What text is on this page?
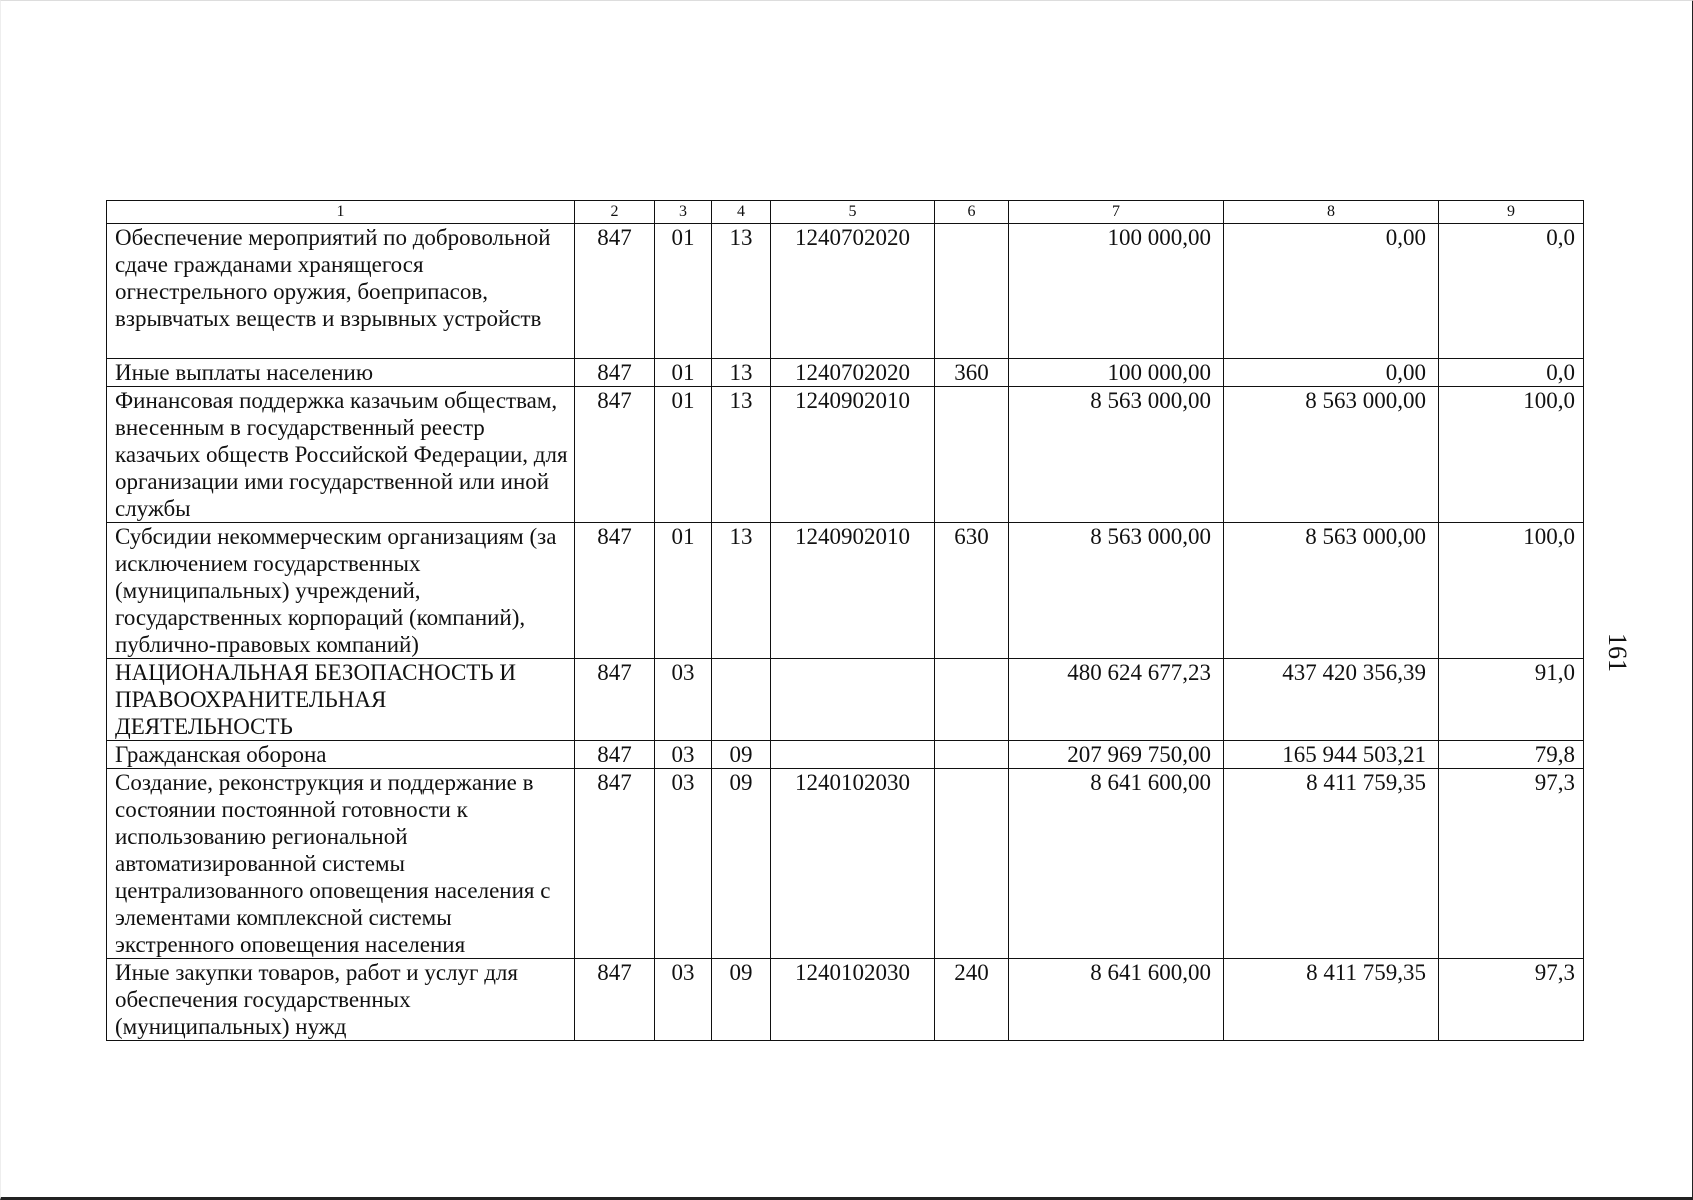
1	2	3	4	5	6	7	8	9
Обеспечение мероприятий по добровольной сдаче гражданами хранящегося огнестрельного оружия, боеприпасов, взрывчатых веществ и взрывных устройств	847	01	13	1240702020		100 000,00	0,00	0,0
Иные выплаты населению	847	01	13	1240702020	360	100 000,00	0,00	0,0
Финансовая поддержка казачьим обществам, внесенным в государственный реестр казачьих обществ Российской Федерации, для организации ими государственной или иной службы	847	01	13	1240902010		8 563 000,00	8 563 000,00	100,0
Субсидии некоммерческим организациям (за исключением государственных (муниципальных) учреждений, государственных корпораций (компаний), публично-правовых компаний)	847	01	13	1240902010	630	8 563 000,00	8 563 000,00	100,0
НАЦИОНАЛЬНАЯ БЕЗОПАСНОСТЬ И ПРАВООХРАНИТЕЛЬНАЯ ДЕЯТЕЛЬНОСТЬ	847	03				480 624 677,23	437 420 356,39	91,0
Гражданская оборона	847	03	09			207 969 750,00	165 944 503,21	79,8
Создание, реконструкция и поддержание в состоянии постоянной готовности к использованию региональной автоматизированной системы централизованного оповещения населения с элементами комплексной системы экстренного оповещения населения	847	03	09	1240102030		8 641 600,00	8 411 759,35	97,3
Иные закупки товаров, работ и услуг для обеспечения государственных (муниципальных) нужд	847	03	09	1240102030	240	8 641 600,00	8 411 759,35	97,3
161
